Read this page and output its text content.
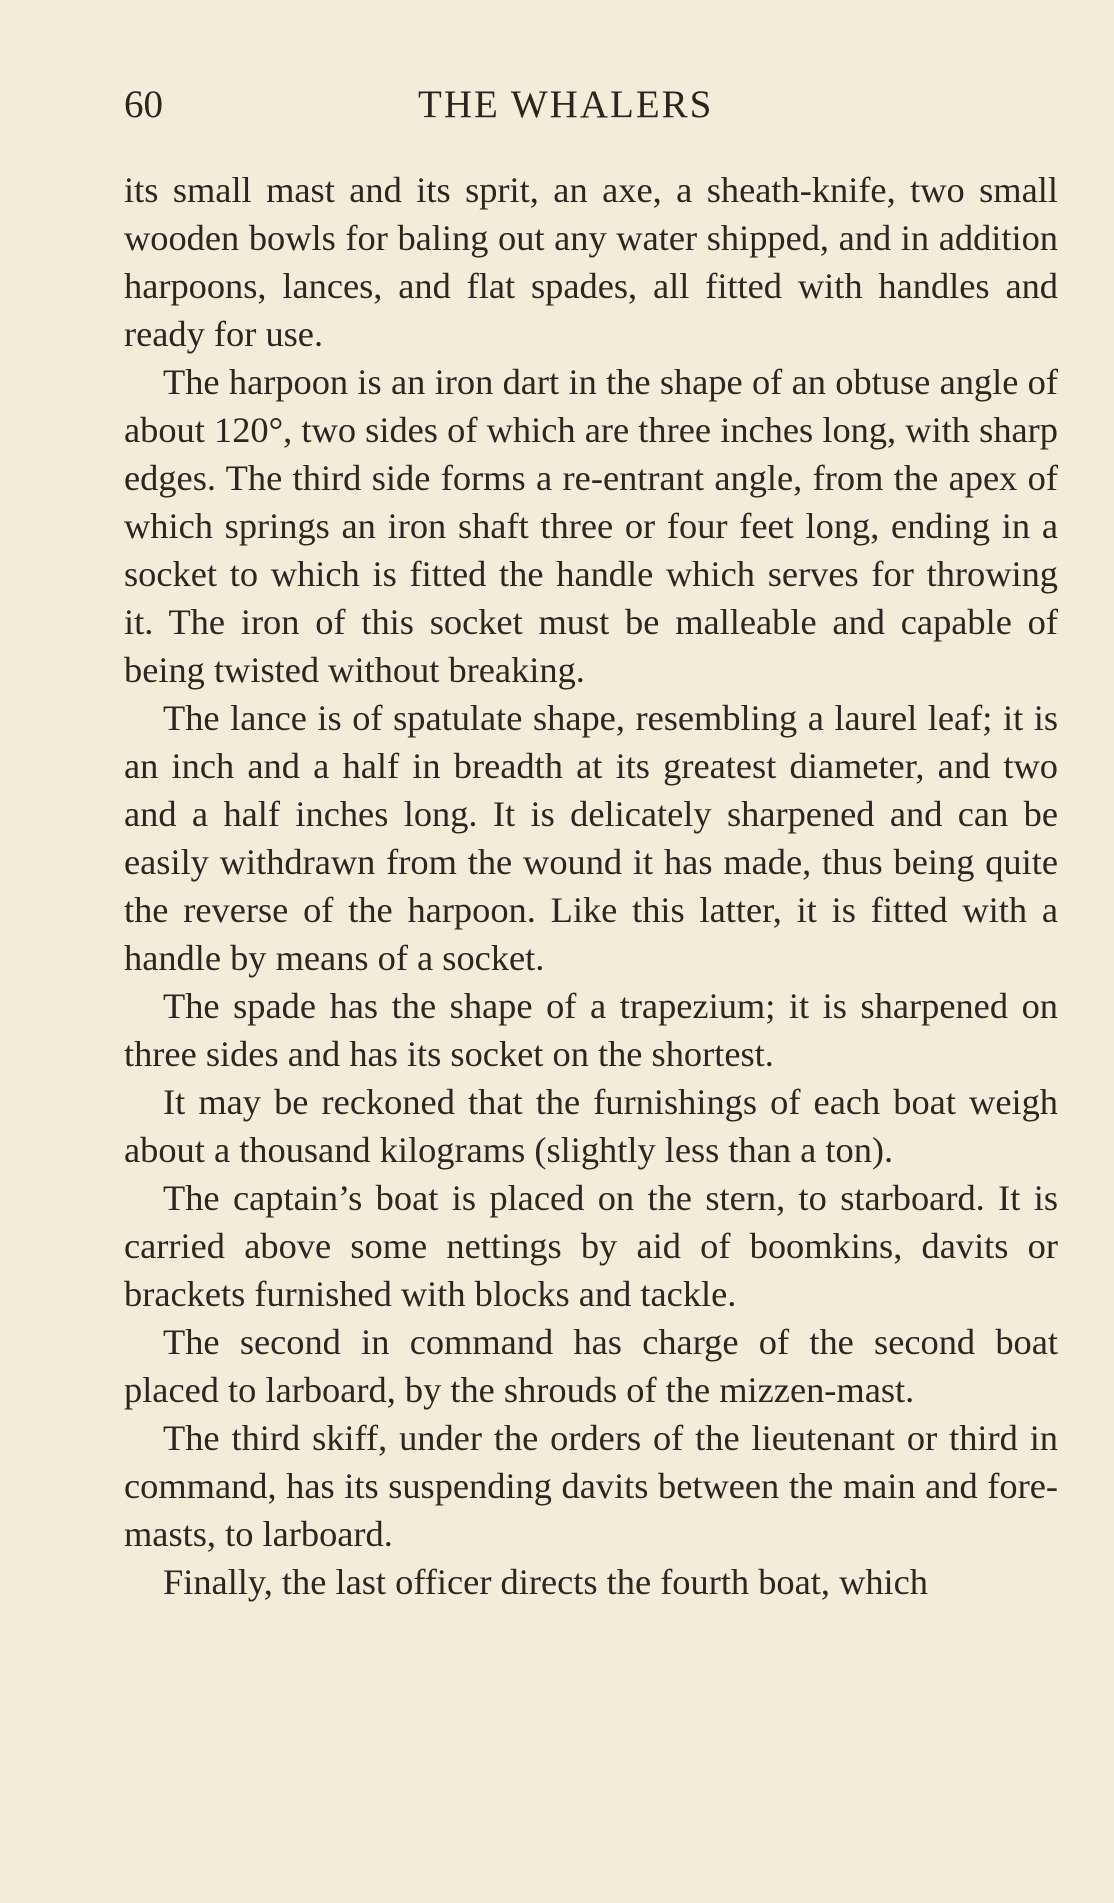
60	THE WHALERS

its small mast and its sprit, an axe, a sheath-knife, two small wooden bowls for baling out any water shipped, and in addition harpoons, lances, and flat spades, all fitted with handles and ready for use.

The harpoon is an iron dart in the shape of an obtuse angle of about 120°, two sides of which are three inches long, with sharp edges. The third side forms a re-entrant angle, from the apex of which springs an iron shaft three or four feet long, ending in a socket to which is fitted the handle which serves for throwing it. The iron of this socket must be malleable and capable of being twisted without breaking.

The lance is of spatulate shape, resembling a laurel leaf; it is an inch and a half in breadth at its greatest diameter, and two and a half inches long. It is delicately sharpened and can be easily withdrawn from the wound it has made, thus being quite the reverse of the harpoon. Like this latter, it is fitted with a handle by means of a socket.

The spade has the shape of a trapezium; it is sharpened on three sides and has its socket on the shortest.

It may be reckoned that the furnishings of each boat weigh about a thousand kilograms (slightly less than a ton).

The captain’s boat is placed on the stern, to starboard. It is carried above some nettings by aid of boomkins, davits or brackets furnished with blocks and tackle.

The second in command has charge of the second boat placed to larboard, by the shrouds of the mizzen-mast.

The third skiff, under the orders of the lieutenant or third in command, has its suspending davits between the main and fore-masts, to larboard.

Finally, the last officer directs the fourth boat, which
